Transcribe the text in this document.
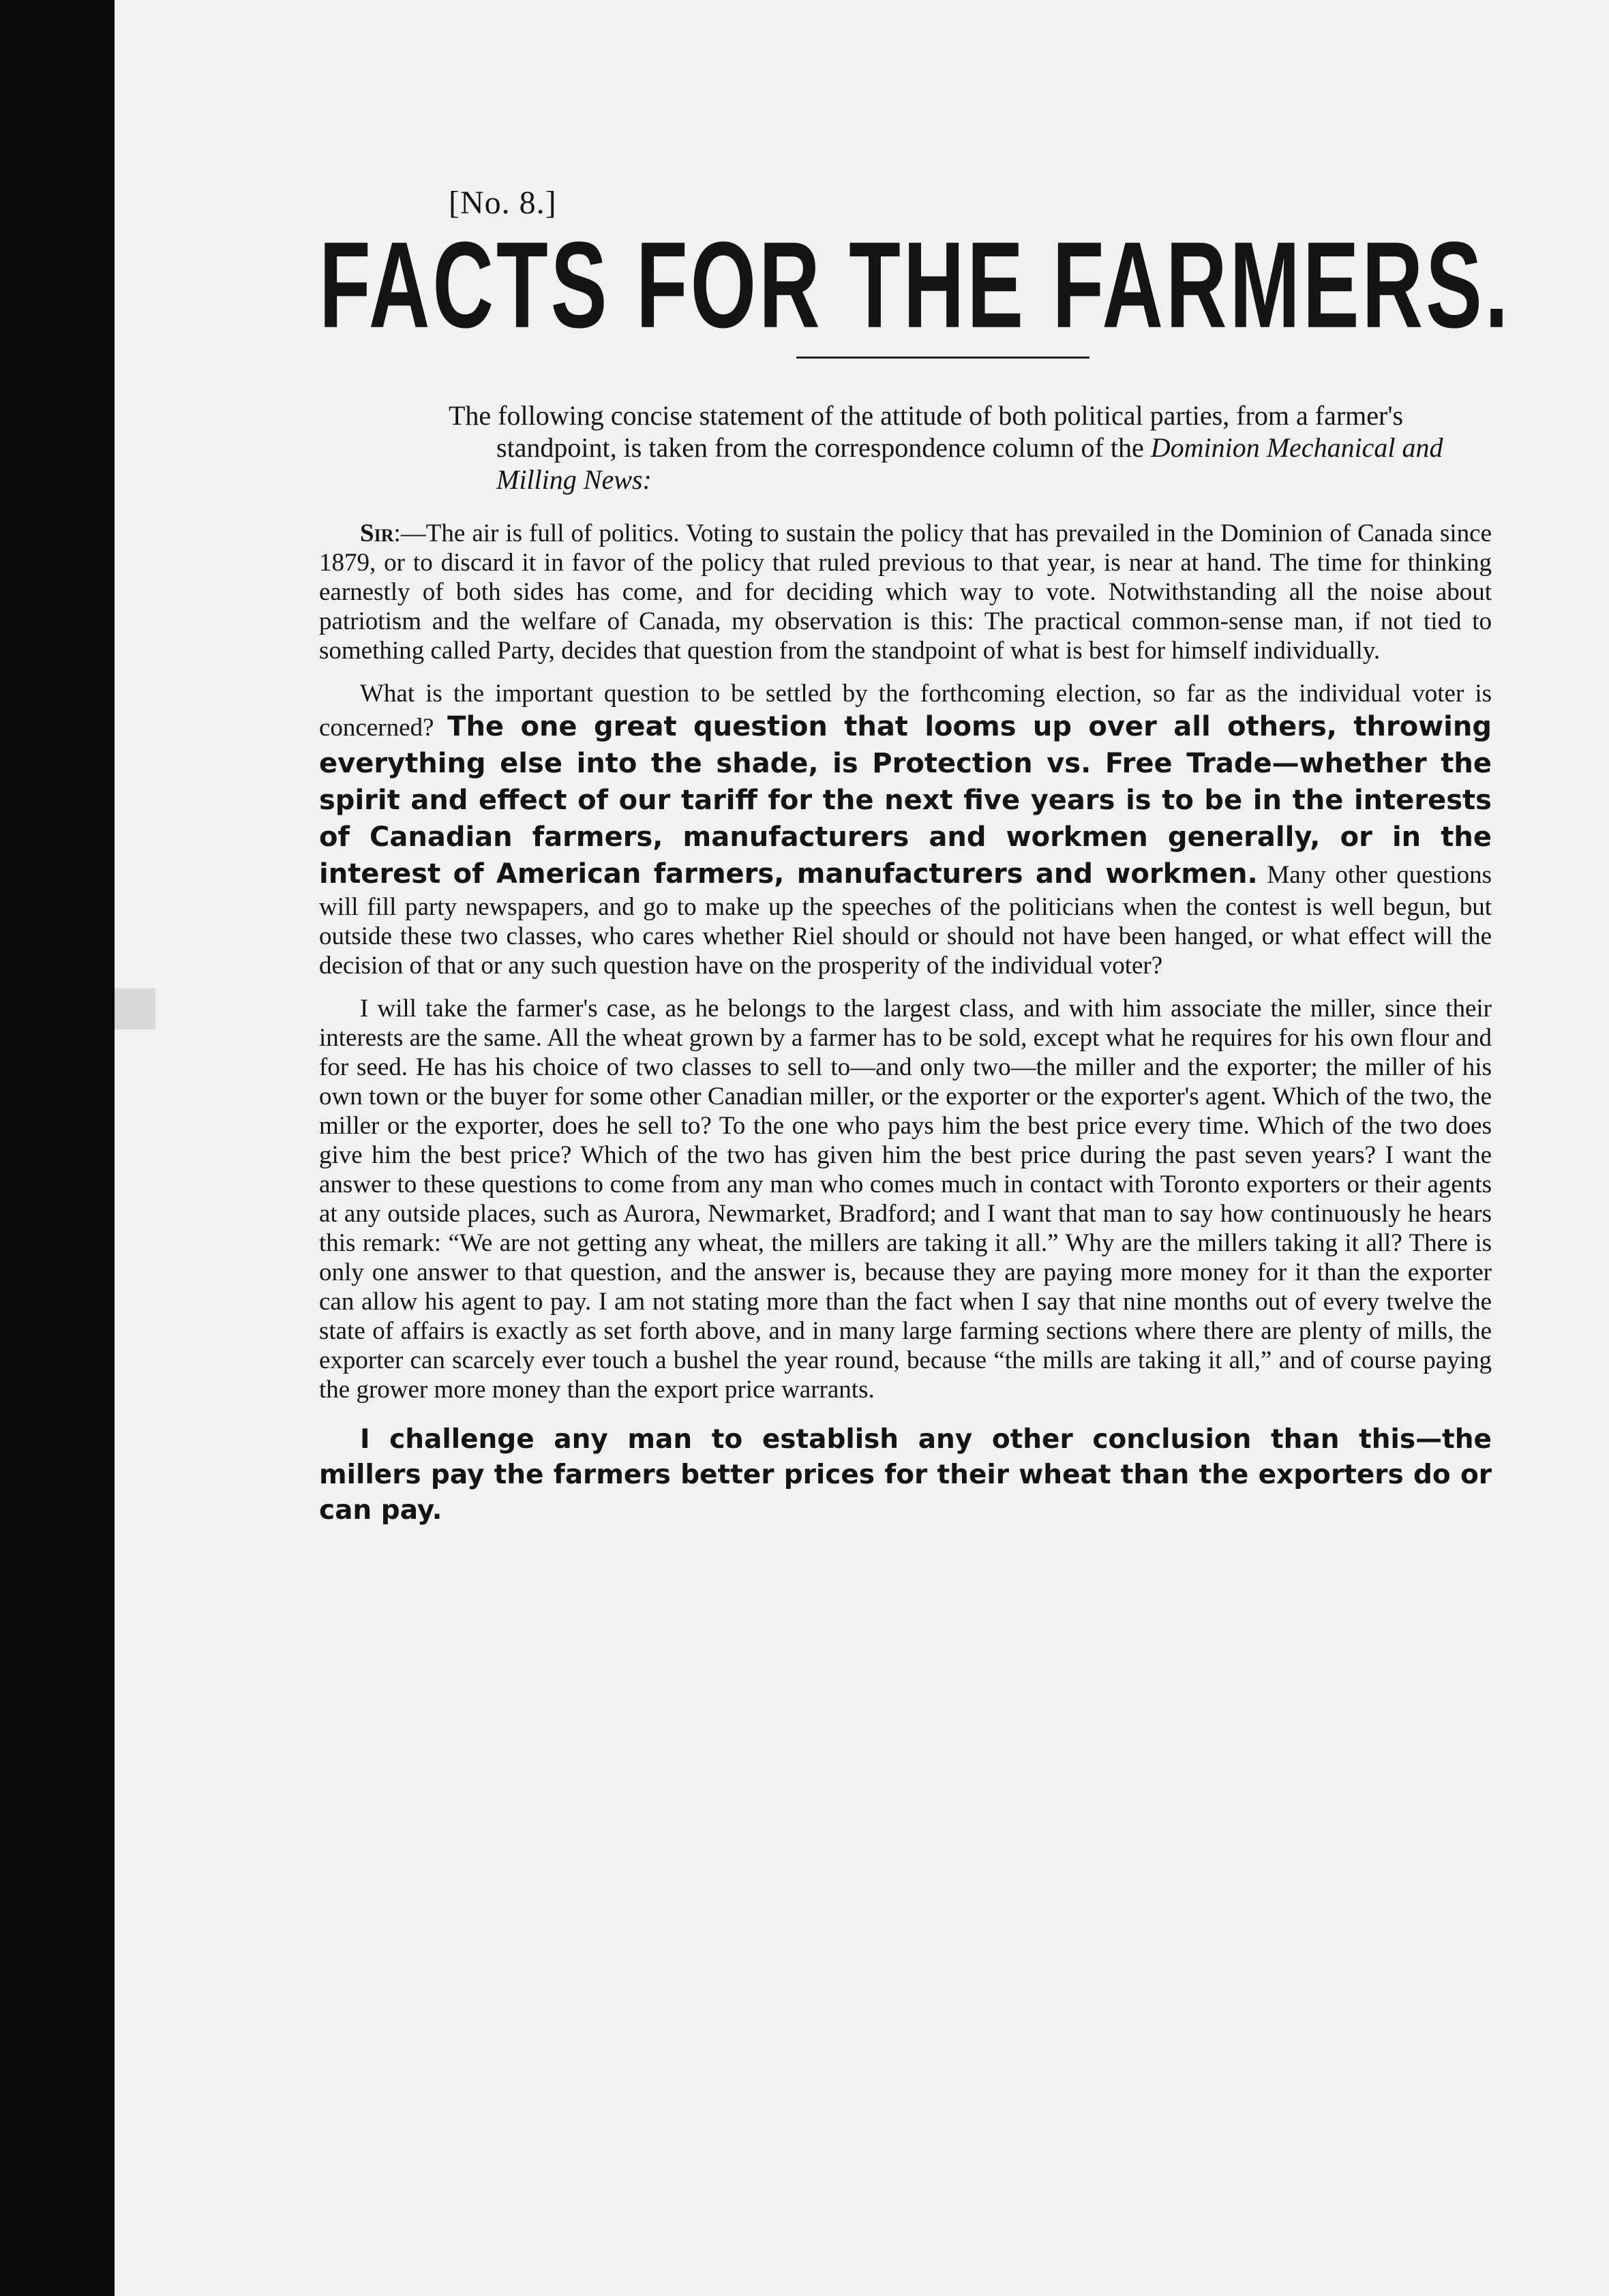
[No. 8.]
FACTS FOR THE FARMERS.

The following concise statement of the attitude of both political parties, from a farmer's standpoint, is taken from the correspondence column of the Dominion Mechanical and Milling News:

Sir:—The air is full of politics. Voting to sustain the policy that has prevailed in the Dominion of Canada since 1879, or to discard it in favor of the policy that ruled previous to that year, is near at hand. The time for thinking earnestly of both sides has come, and for deciding which way to vote. Notwithstanding all the noise about patriotism and the welfare of Canada, my observation is this: The practical common-sense man, if not tied to something called Party, decides that question from the standpoint of what is best for himself individually.

What is the important question to be settled by the forthcoming election, so far as the individual voter is concerned? The one great question that looms up over all others, throwing everything else into the shade, is Protection vs. Free Trade—whether the spirit and effect of our tariff for the next five years is to be in the interests of Canadian farmers, manufacturers and workmen generally, or in the interest of American farmers, manufacturers and workmen. Many other questions will fill party newspapers, and go to make up the speeches of the politicians when the contest is well begun, but outside these two classes, who cares whether Riel should or should not have been hanged, or what effect will the decision of that or any such question have on the prosperity of the individual voter?

I will take the farmer's case, as he belongs to the largest class, and with him associate the miller, since their interests are the same. All the wheat grown by a farmer has to be sold, except what he requires for his own flour and for seed. He has his choice of two classes to sell to—and only two—the miller and the exporter; the miller of his own town or the buyer for some other Canadian miller, or the exporter or the exporter's agent. Which of the two, the miller or the exporter, does he sell to? To the one who pays him the best price every time. Which of the two does give him the best price? Which of the two has given him the best price during the past seven years? I want the answer to these questions to come from any man who comes much in contact with Toronto exporters or their agents at any outside places, such as Aurora, Newmarket, Bradford; and I want that man to say how continuously he hears this remark: “We are not getting any wheat, the millers are taking it all.” Why are the millers taking it all? There is only one answer to that question, and the answer is, because they are paying more money for it than the exporter can allow his agent to pay. I am not stating more than the fact when I say that nine months out of every twelve the state of affairs is exactly as set forth above, and in many large farming sections where there are plenty of mills, the exporter can scarcely ever touch a bushel the year round, because “the mills are taking it all,” and of course paying the grower more money than the export price warrants.

I challenge any man to establish any other conclusion than this—the millers pay the farmers better prices for their wheat than the exporters do or can pay.
